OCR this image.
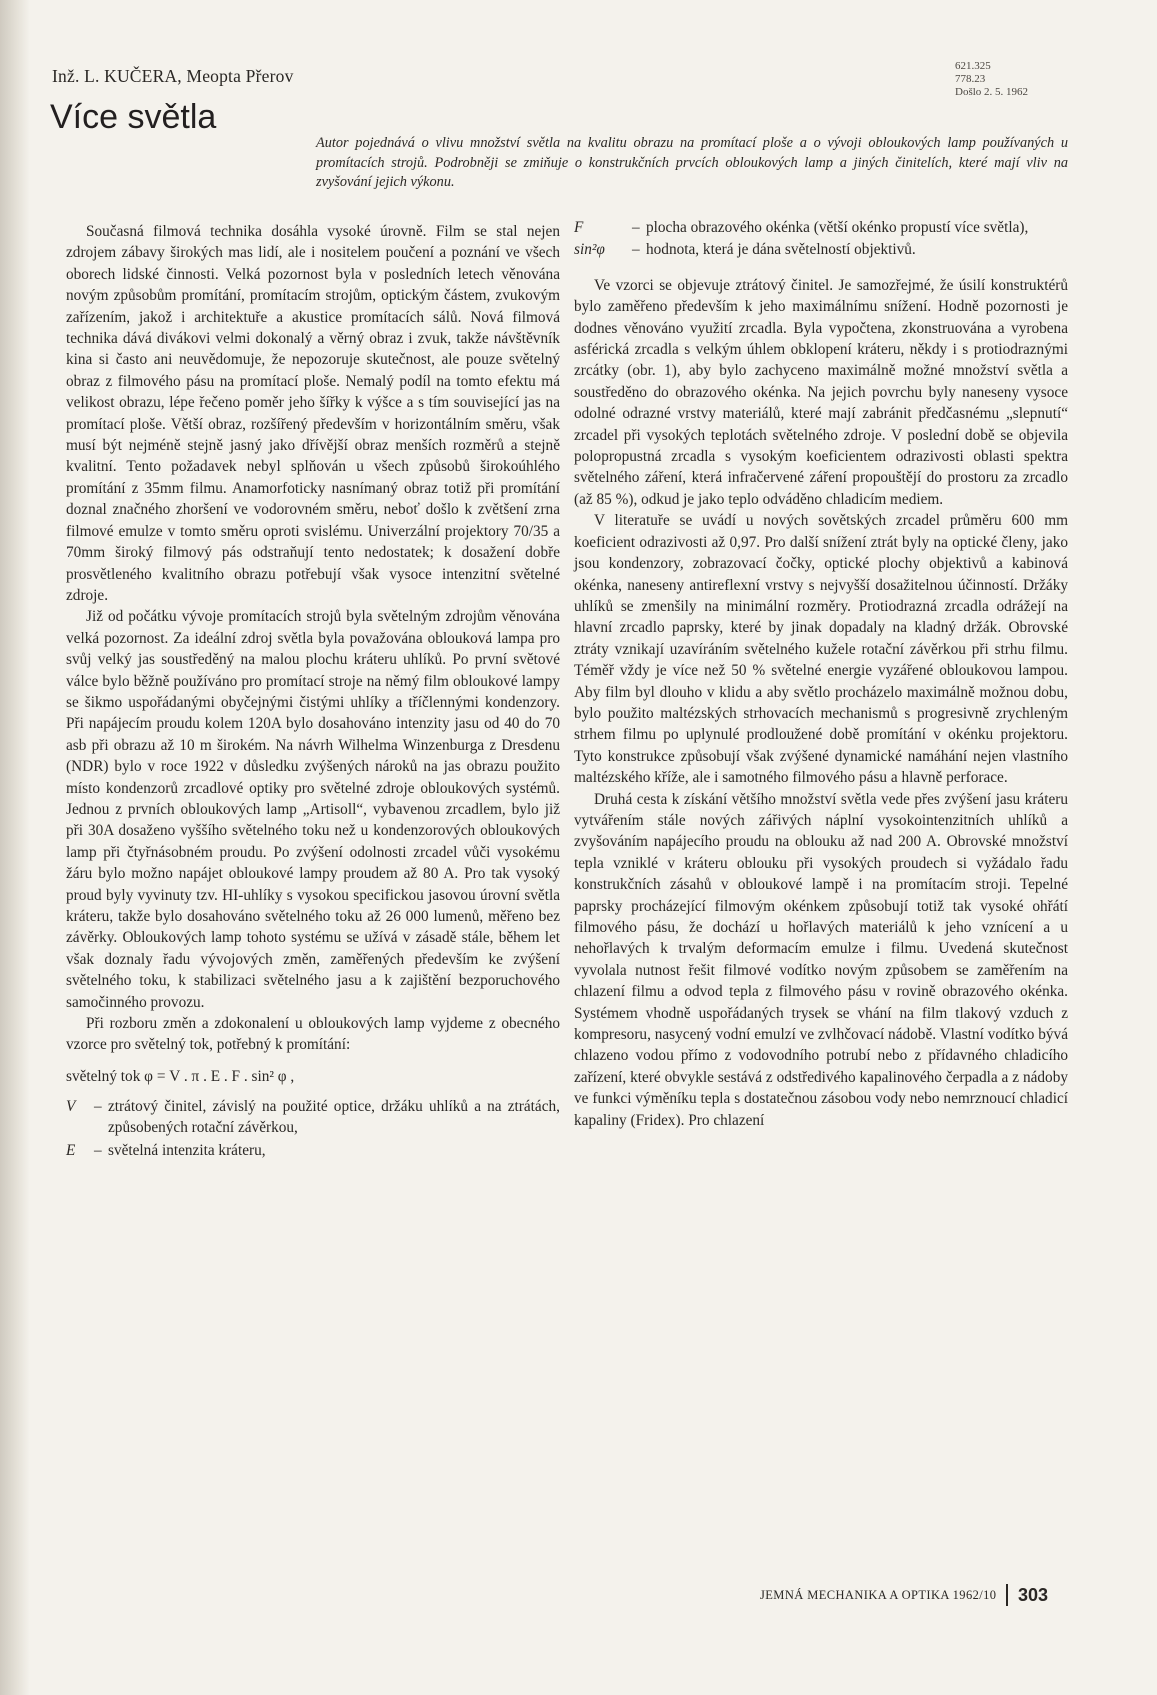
Inž. L. KUČERA, Meopta Přerov	621.325
778.23
Došlo 2. 5. 1962
Více světla
Autor pojednává o vlivu množství světla na kvalitu obrazu na promítací ploše a o vývoji obloukových lamp používaných u promítacích strojů. Podrobněji se zmiňuje o konstrukčních prvcích obloukových lamp a jiných činitelích, které mají vliv na zvyšování jejich výkonu.

Současná filmová technika dosáhla vysoké úrovně. Film se stal nejen zdrojem zábavy širokých mas lidí, ale i nositelem poučení a poznání ve všech oborech lidské činnosti. Velká pozornost byla v posledních letech věnována novým způsobům promítání, promítacím strojům, optickým částem, zvukovým zařízením, jakož i architektuře a akustice promítacích sálů. Nová filmová technika dává divákovi velmi dokonalý a věrný obraz i zvuk, takže návštěvník kina si často ani neuvědomuje, že nepozoruje skutečnost, ale pouze světelný obraz z filmového pásu na promítací ploše. Nemalý podíl na tomto efektu má velikost obrazu, lépe řečeno poměr jeho šířky k výšce a s tím související jas na promítací ploše. Větší obraz, rozšířený především v horizontálním směru, však musí být nejméně stejně jasný jako dřívější obraz menších rozměrů a stejně kvalitní. Tento požadavek nebyl splňován u všech způsobů širokoúhlého promítání z 35mm filmu. Anamorfoticky nasnímaný obraz totiž při promítání doznal značného zhoršení ve vodorovném směru, neboť došlo k zvětšení zrna filmové emulze v tomto směru oproti svislému. Univerzální projektory 70/35 a 70mm široký filmový pás odstraňují tento nedostatek; k dosažení dobře prosvětleného kvalitního obrazu potřebují však vysoce intenzitní světelné zdroje.

Již od počátku vývoje promítacích strojů byla světelným zdrojům věnována velká pozornost. Za ideální zdroj světla byla považována oblouková lampa pro svůj velký jas soustředěný na malou plochu kráteru uhlíků. Po první světové válce bylo běžně používáno pro promítací stroje na němý film obloukové lampy se šikmo uspořádanými obyčejnými čistými uhlíky a tříčlennými kondenzory. Při napájecím proudu kolem 120A bylo dosahováno intenzity jasu od 40 do 70 asb při obrazu až 10 m širokém. Na návrh Wilhelma Winzenburga z Dresdenu (NDR) bylo v roce 1922 v důsledku zvýšených nároků na jas obrazu použito místo kondenzorů zrcadlové optiky pro světelné zdroje obloukových systémů. Jednou z prvních obloukových lamp „Artisoll“, vybavenou zrcadlem, bylo již při 30A dosaženo vyššího světelného toku než u kondenzorových obloukových lamp při čtyřnásobném proudu. Po zvýšení odolnosti zrcadel vůči vysokému žáru bylo možno napájet obloukové lampy proudem až 80 A. Pro tak vysoký proud byly vyvinuty tzv. HI-uhlíky s vysokou specifickou jasovou úrovní světla kráteru, takže bylo dosahováno světelného toku až 26 000 lumenů, měřeno bez závěrky. Obloukových lamp tohoto systému se užívá v zásadě stále, během let však doznaly řadu vývojových změn, zaměřených především ke zvýšení světelného toku, k stabilizaci světelného jasu a k zajištění bezporuchového samočinného provozu.

Při rozboru změn a zdokonalení u obloukových lamp vyjdeme z obecného vzorce pro světelný tok, potřebný k promítání:

světelný tok φ = V . π . E . F . sin² φ ,
V	– ztrátový činitel, závislý na použité optice, držáku uhlíků a na ztrátách, způsobených rotační závěrkou,
E	– světelná intenzita kráteru,
F	– plocha obrazového okénka (větší okénko propustí více světla),
sin²φ	– hodnota, která je dána světelností objektivů.

Ve vzorci se objevuje ztrátový činitel. Je samozřejmé, že úsilí konstruktérů bylo zaměřeno především k jeho maximálnímu snížení. Hodně pozornosti je dodnes věnováno využití zrcadla. Byla vypočtena, zkonstruována a vyrobena asférická zrcadla s velkým úhlem obklopení kráteru, někdy i s protiodraznými zrcátky (obr. 1), aby bylo zachyceno maximálně možné množství světla a soustředěno do obrazového okénka. Na jejich povrchu byly naneseny vysoce odolné odrazné vrstvy materiálů, které mají zabránit předčasnému „slepnutí“ zrcadel při vysokých teplotách světelného zdroje. V poslední době se objevila polopropustná zrcadla s vysokým koeficientem odrazivosti oblasti spektra světelného záření, která infračervené záření propouštějí do prostoru za zrcadlo (až 85 %), odkud je jako teplo odváděno chladicím mediem.

V literatuře se uvádí u nových sovětských zrcadel průměru 600 mm koeficient odrazivosti až 0,97. Pro další snížení ztrát byly na optické členy, jako jsou kondenzory, zobrazovací čočky, optické plochy objektivů a kabinová okénka, naneseny antireflexní vrstvy s nejvyšší dosažitelnou účinností. Držáky uhlíků se zmenšily na minimální rozměry. Protiodrazná zrcadla odrážejí na hlavní zrcadlo paprsky, které by jinak dopadaly na kladný držák. Obrovské ztráty vznikají uzavíráním světelného kužele rotační závěrkou při strhu filmu. Téměř vždy je více než 50 % světelné energie vyzářené obloukovou lampou. Aby film byl dlouho v klidu a aby světlo procházelo maximálně možnou dobu, bylo použito maltézských strhovacích mechanismů s progresivně zrychleným strhem filmu po uplynulé prodloužené době promítání v okénku projektoru. Tyto konstrukce způsobují však zvýšené dynamické namáhání nejen vlastního maltézského kříže, ale i samotného filmového pásu a hlavně perforace.

Druhá cesta k získání většího množství světla vede přes zvýšení jasu kráteru vytvářením stále nových zářivých náplní vysokointenzitních uhlíků a zvyšováním napájecího proudu na oblouku až nad 200 A. Obrovské množství tepla vzniklé v kráteru oblouku při vysokých proudech si vyžádalo řadu konstrukčních zásahů v obloukové lampě i na promítacím stroji. Tepelné paprsky procházející filmovým okénkem způsobují totiž tak vysoké ohřátí filmového pásu, že dochází u hořlavých materiálů k jeho vznícení a u nehořlavých k trvalým deformacím emulze i filmu. Uvedená skutečnost vyvolala nutnost řešit filmové vodítko novým způsobem se zaměřením na chlazení filmu a odvod tepla z filmového pásu v rovině obrazového okénka. Systémem vhodně uspořádaných trysek se vhání na film tlakový vzduch z kompresoru, nasycený vodní emulzí ve zvlhčovací nádobě. Vlastní vodítko bývá chlazeno vodou přímo z vodovodního potrubí nebo z přídavného chladicího zařízení, které obvykle sestává z odstředivého kapalinového čerpadla a z nádoby ve funkci výměníku tepla s dostatečnou zásobou vody nebo nemrznoucí chladicí kapaliny (Fridex). Pro chlazení

JEMNÁ MECHANIKA A OPTIKA 1962/10 303
